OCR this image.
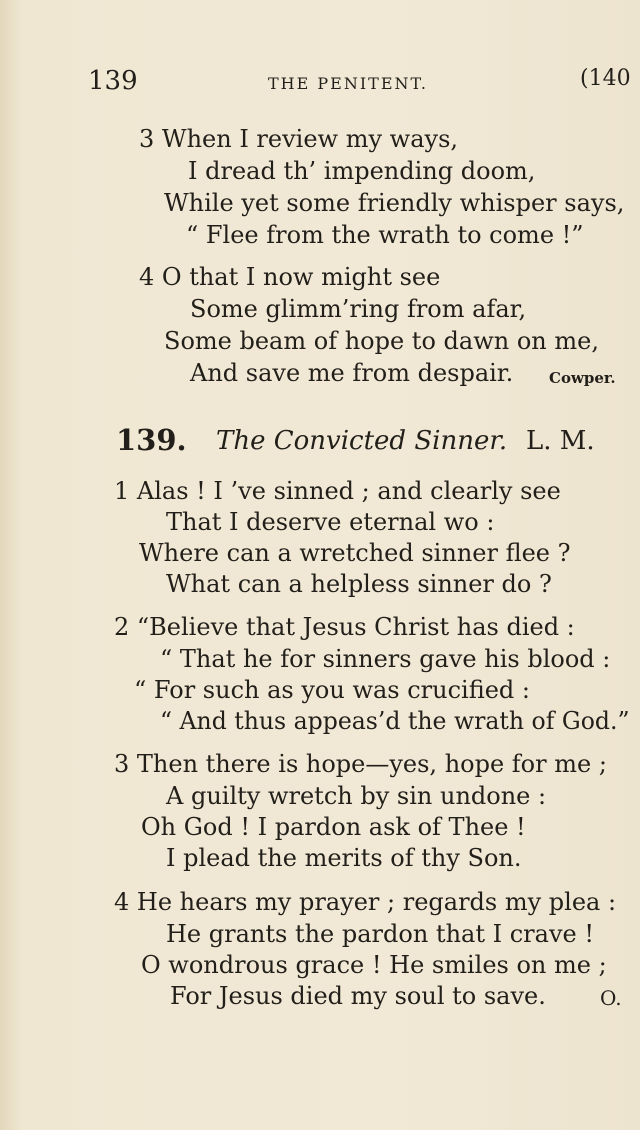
139	THE PENITENT.	(140
3 When I review my ways,
I dread th’ impending doom,
While yet some friendly whisper says,
“ Flee from the wrath to come !”
4 O that I now might see
Some glimm’ring from afar,
Some beam of hope to dawn on me,
And save me from despair. Cowper.
139. The Convicted Sinner. L. M.
1 Alas ! I ’ve sinned ; and clearly see
That I deserve eternal wo :
Where can a wretched sinner flee ?
What can a helpless sinner do ?
2 “Believe that Jesus Christ has died :
“ That he for sinners gave his blood :
“ For such as you was crucified :
“ And thus appeas’d the wrath of God.”
3 Then there is hope—yes, hope for me ;
A guilty wretch by sin undone :
Oh God ! I pardon ask of Thee !
I plead the merits of thy Son.
4 He hears my prayer ; regards my plea :
He grants the pardon that I crave !
O wondrous grace ! He smiles on me ;
For Jesus died my soul to save.	O.
